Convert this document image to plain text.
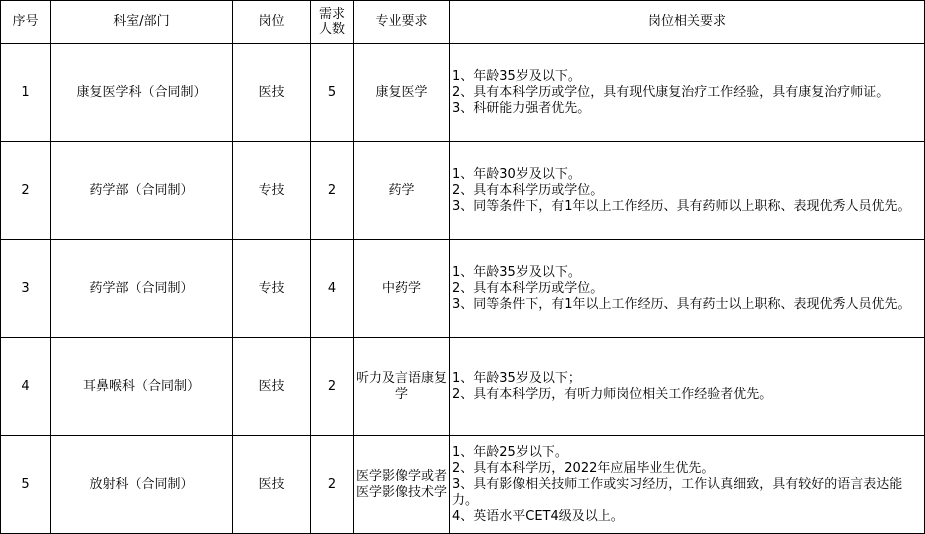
序号	科室/部门	岗位	需求人数	专业要求	岗位相关要求
1	康复医学科（合同制）	医技	5	康复医学	1、年龄35岁及以下。
2、具有本科学历或学位，具有现代康复治疗工作经验，具有康复治疗师证。
3、科研能力强者优先。

2	药学部（合同制）	专技	2	药学	1、年龄30岁及以下。
2、具有本科学历或学位。
3、同等条件下，有1年以上工作经历、具有药师以上职称、表现优秀人员优先。

3	药学部（合同制）	专技	4	中药学	1、年龄35岁及以下。
2、具有本科学历或学位。
3、同等条件下，有1年以上工作经历、具有药士以上职称、表现优秀人员优先。

4	耳鼻喉科（合同制）	医技	2	听力及言语康复学	1、年龄35岁及以下；
2、具有本科学历，有听力师岗位相关工作经验者优先。

5	放射科（合同制）	医技	2	医学影像学或者医学影像技术学	1、年龄25岁以下。
2、具有本科学历，2022年应届毕业生优先。
3、具有影像相关技师工作或实习经历，工作认真细致，具有较好的语言表达能力。
4、英语水平CET4级及以上。
